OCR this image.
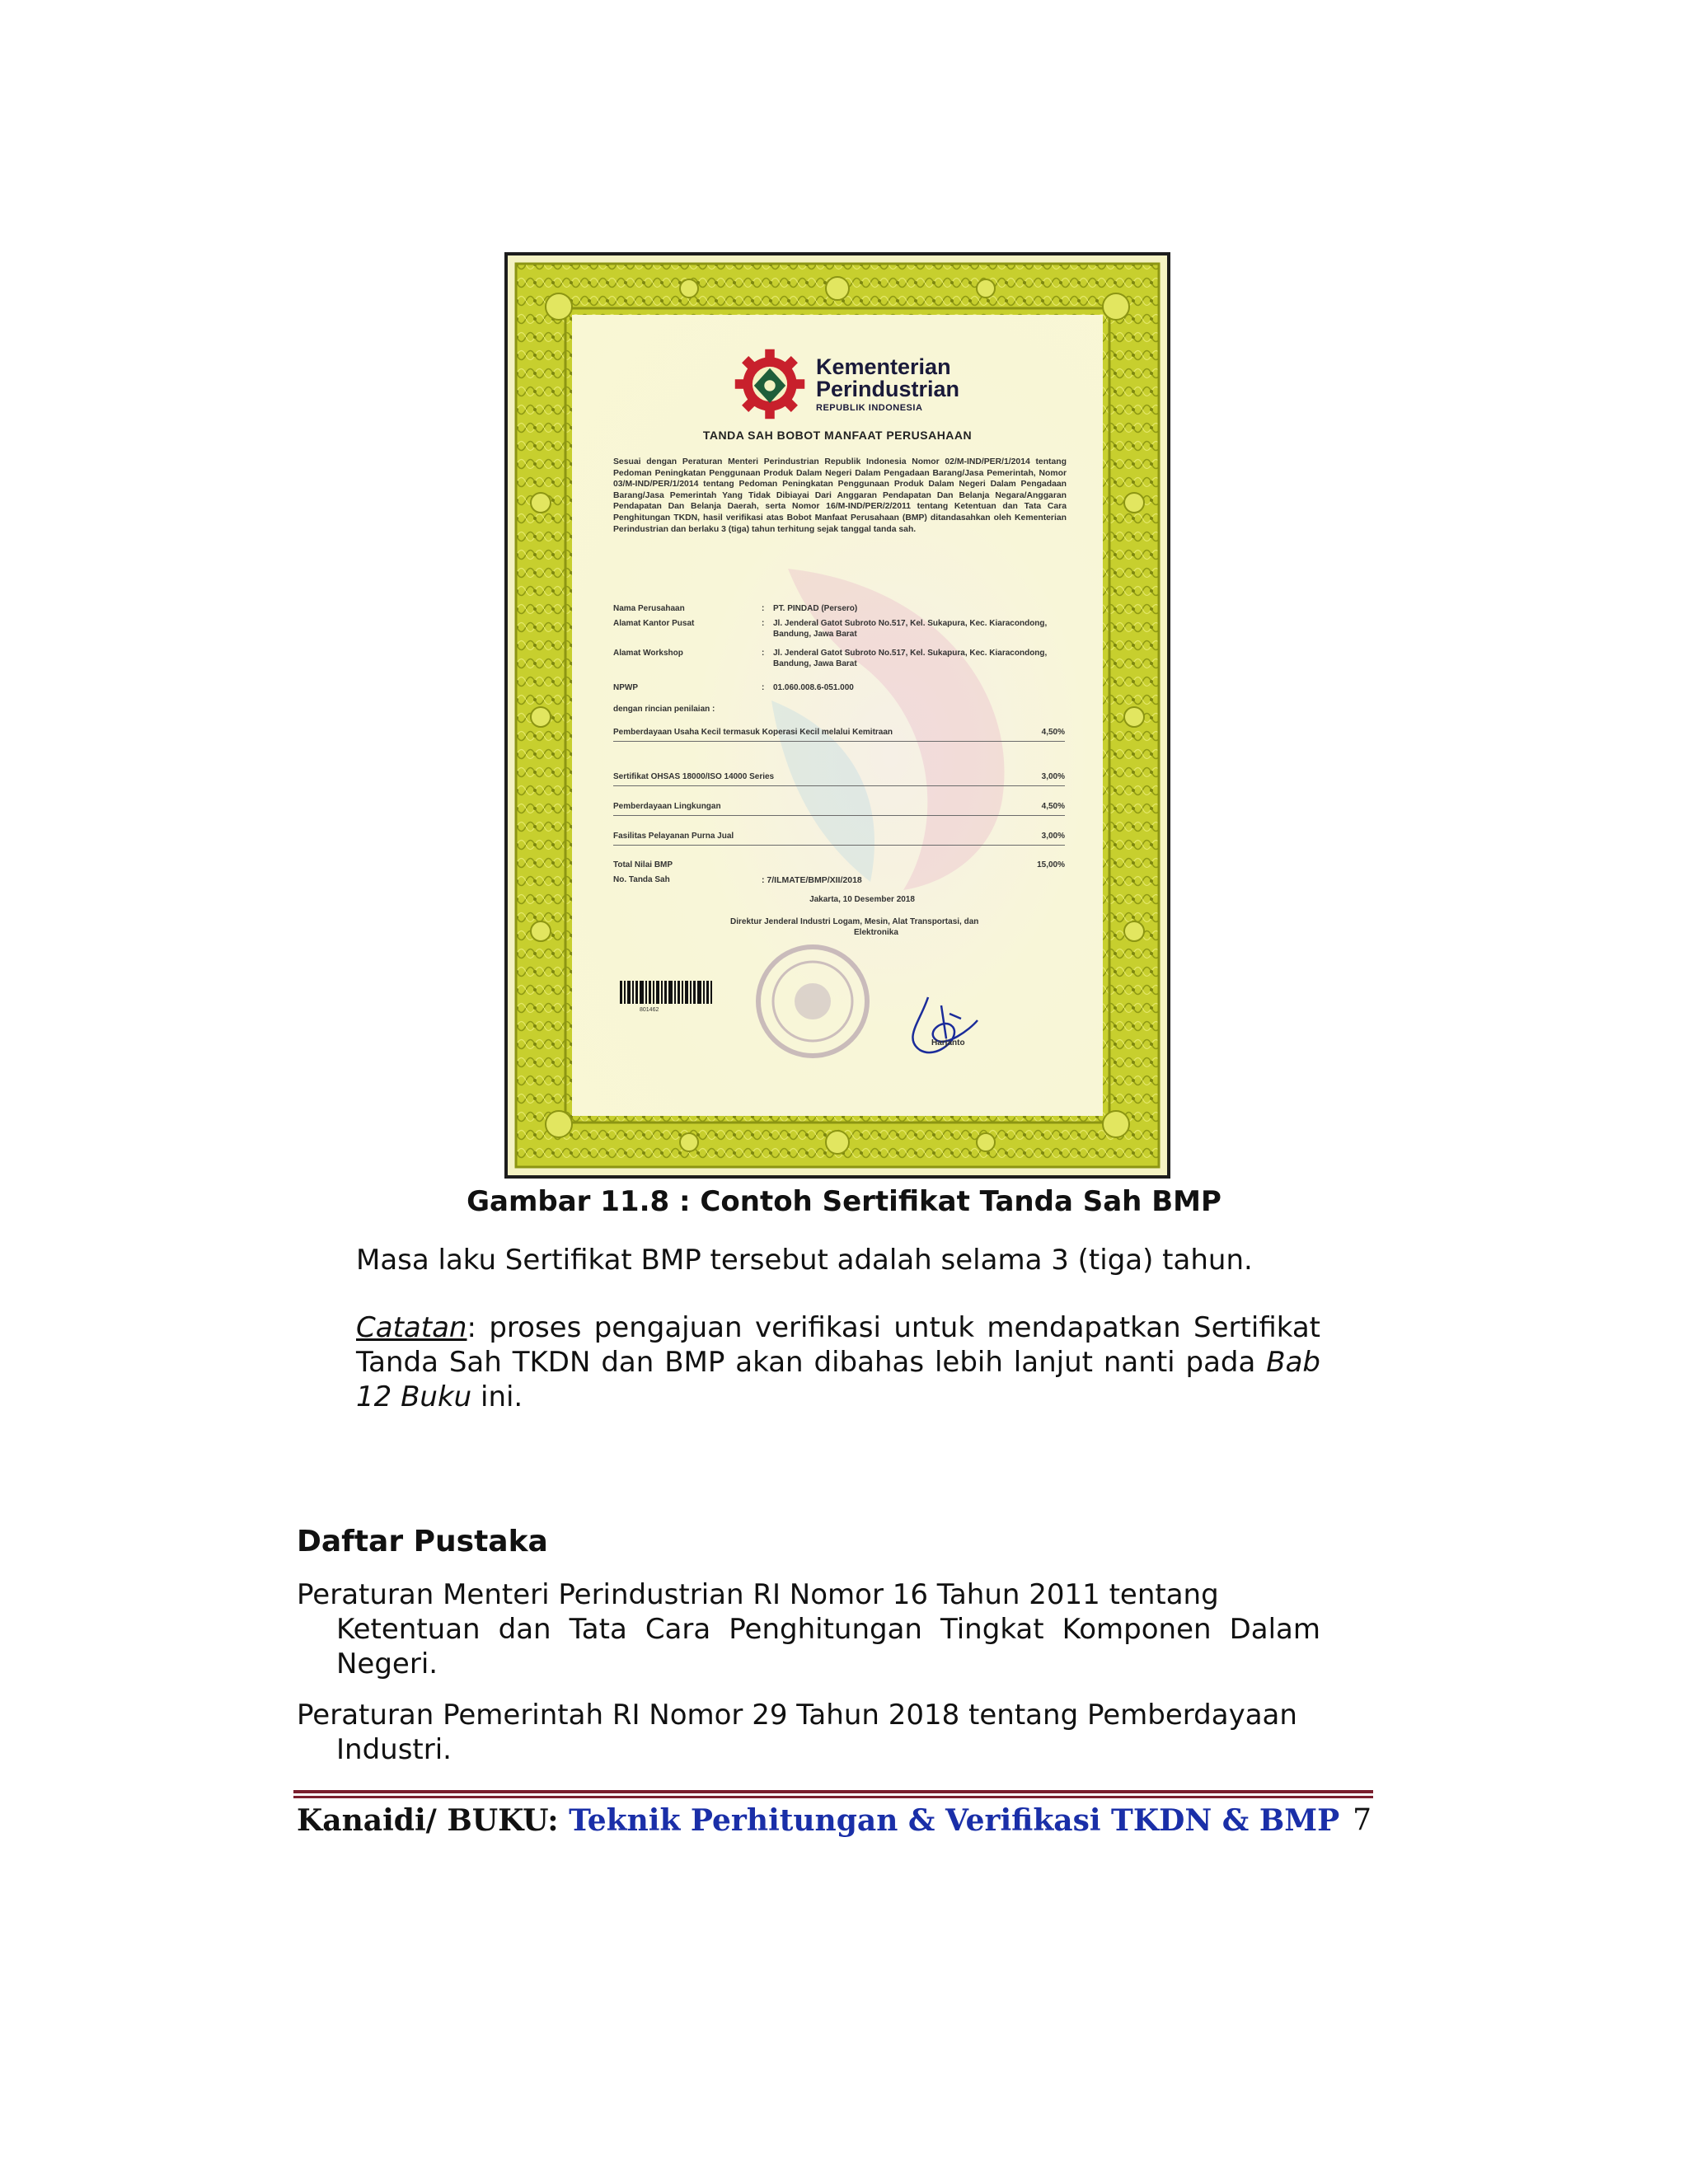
Kementerian
Perindustrian
REPUBLIK INDONESIA
TANDA SAH BOBOT MANFAAT PERUSAHAAN
Sesuai dengan Peraturan Menteri Perindustrian Republik Indonesia Nomor 02/M-IND/PER/1/2014 tentang Pedoman Peningkatan Penggunaan Produk Dalam Negeri Dalam Pengadaan Barang/Jasa Pemerintah, Nomor 03/M-IND/PER/1/2014 tentang Pedoman Peningkatan Penggunaan Produk Dalam Negeri Dalam Pengadaan Barang/Jasa Pemerintah Yang Tidak Dibiayai Dari Anggaran Pendapatan Dan Belanja Negara/Anggaran Pendapatan Dan Belanja Daerah, serta Nomor 16/M-IND/PER/2/2011 tentang Ketentuan dan Tata Cara Penghitungan TKDN, hasil verifikasi atas Bobot Manfaat Perusahaan (BMP) ditandasahkan oleh Kementerian Perindustrian dan berlaku 3 (tiga) tahun terhitung sejak tanggal tanda sah.
Nama Perusahaan	:	PT. PINDAD (Persero)
Alamat Kantor Pusat	:	Jl. Jenderal Gatot Subroto No.517, Kel. Sukapura, Kec. Kiaracondong, Bandung, Jawa Barat
Alamat Workshop	:	Jl. Jenderal Gatot Subroto No.517, Kel. Sukapura, Kec. Kiaracondong, Bandung, Jawa Barat
NPWP	:	01.060.008.6-051.000
dengan rincian penilaian :
Pemberdayaan Usaha Kecil termasuk Koperasi Kecil melalui Kemitraan	4,50%
Sertifikat OHSAS 18000/ISO 14000 Series	3,00%
Pemberdayaan Lingkungan	4,50%
Fasilitas Pelayanan Purna Jual	3,00%
Total Nilai BMP	15,00%
No. Tanda Sah	: 7/ILMATE/BMP/XII/2018
Jakarta, 10 Desember 2018
Direktur Jenderal Industri Logam, Mesin, Alat Transportasi, dan
Elektronika
Harjanto
801462
Gambar 11.8 : Contoh Sertifikat Tanda Sah BMP
Masa laku Sertifikat BMP tersebut adalah selama 3 (tiga) tahun.
Catatan: proses pengajuan verifikasi untuk mendapatkan Sertifikat Tanda Sah TKDN dan BMP akan dibahas lebih lanjut nanti pada Bab 12 Buku ini.
Daftar Pustaka
Peraturan Menteri Perindustrian RI Nomor 16 Tahun 2011 tentang
Ketentuan dan Tata Cara Penghitungan Tingkat Komponen Dalam Negeri.
Peraturan Pemerintah RI Nomor 29 Tahun 2018 tentang Pemberdayaan
Industri.
Kanaidi/ BUKU: Teknik Perhitungan & Verifikasi TKDN & BMP 7
